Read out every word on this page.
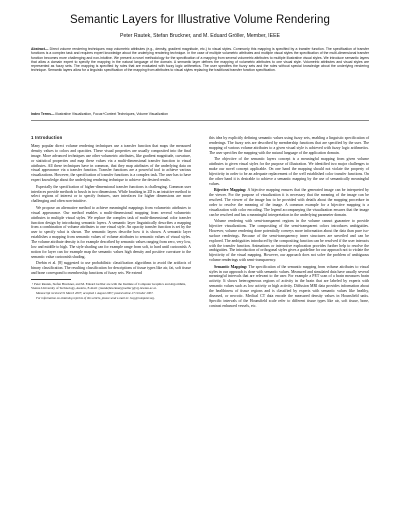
Semantic Layers for Illustrative Volume Rendering
Peter Rautek, Stefan Bruckner, and M. Eduard Gröller, Member, IEEE
Abstract— Direct volume rendering techniques map volumetric attributes (e.g., density, gradient magnitude, etc.) to visual styles. Commonly this mapping is specified by a transfer function. The specification of transfer functions is a complex task and requires expert knowledge about the underlying rendering technique. In the case of multiple volumetric attributes and multiple visual styles the specification of the multi-dimensional transfer function becomes more challenging and non-intuitive. We present a novel methodology for the specification of a mapping from several volumetric attributes to multiple illustrative visual styles. We introduce semantic layers that allow a domain expert to specify the mapping in the natural language of the domain. A semantic layer defines the mapping of volumetric attributes to one visual style. Volumetric attributes and visual styles are represented as fuzzy sets. The mapping is specified by rules that are evaluated with fuzzy logic arithmetics. The user specifies the fuzzy sets and the rules without special knowledge about the underlying rendering technique. Semantic layers allow for a linguistic specification of the mapping from attributes to visual styles replacing the traditional transfer function specification.
Index Terms— Illustrative Visualization, Focus+Context Techniques, Volume Visualization
1 Introduction

Many popular direct volume rendering techniques use a transfer function that maps the measured density values to colors and opacities. These visual properties are usually composited into the final image. More advanced techniques use other volumetric attributes, like gradient magnitude, curvature, or statistical properties and map these values via a multi-dimensional transfer function to visual attributes. All these techniques have in common, that they map attributes of the underlying data on visual appearance via a transfer function. Transfer functions are a powerful tool to achieve various visualizations. However, the specification of transfer functions is a complex task. The user has to have expert knowledge about the underlying rendering technique to achieve the desired results.

Especially the specification of higher-dimensional transfer functions is challenging. Common user interfaces provide methods to brush in two dimensions. While brushing in 2D is an intuitive method to select regions of interest or to specify features, user interfaces for higher dimensions are more challenging and often non-intuitive.

We propose an alternative method to achieve meaningful mappings from volumetric attributes to visual appearance. Our method enables a multi-dimensional mapping from several volumetric attributes to multiple visual styles. We replace the complex task of multi-dimensional color transfer function design by introducing semantic layers. A semantic layer linguistically describes a mapping from a combination of volume attributes to one visual style. An opacity transfer function is set by the user to specify what is shown. The semantic layers describe how it is shown. A semantic layer establishes a mapping from semantic values of volume attributes to semantic values of visual styles. The volume attribute density is for example described by semantic values ranging from zero, very low, low and middle to high. The style shading can for example range from soft, to hard until cartoonish. A notion for layer can for example map the semantic values high density and positive curvature to the semantic value cartoonish shading.

Drebin et al. [8] suggested to use probabilistic classification algorithms to avoid the artifacts of binary classification. The resulting classification for descriptions of tissue types like air, fat, soft tissue and bone correspond to membership functions of fuzzy sets. We extend

• Peter Rautek, Stefan Bruckner, and M. Eduard Gröller are with the Institute of Computer Graphics and Algorithms, Vienna University of Technology, Austria, E-mail: {rautek|bruckner|groeller}@cg.tuwien.ac.at.

Manuscript received 31 March 2007; accepted 1 August 2007; posted online 27 October 2007.

For information on obtaining reprints of this article, please send e-mail to: tvcg@computer.org.

this idea by explicitly defining semantic values using fuzzy sets, enabling a linguistic specification of renderings. The fuzzy sets are described by membership functions that are specified by the user. The mapping of various volume attributes to a given visual style is achieved with fuzzy logic arithmetics. The user specifies the mapping with the natural language of the application domain.

The objective of the semantic layers concept is a meaningful mapping from given volume attributes to given visual styles for the purpose of illustration. We identified two major challenges to make our novel concept applicable. On one hand the mapping should not violate the property of bijectivity in order to be an adequate replacement of the well established color transfer functions. On the other hand it is desirable to achieve a semantic mapping by the use of semantically meaningful values.

Bijective Mapping: A bijective mapping ensures that the generated image can be interpreted by the viewer. For the purpose of visualization it is necessary that the meaning of the image can be resolved. The viewer of the image has to be provided with details about the mapping procedure in order to resolve the meaning of the image. A common example for a bijective mapping is a visualization with color encoding. The legend accompanying the visualization ensures that the image can be resolved and has a meaningful interpretation in the underlying parameter domain.

Volume rendering with semi-transparent regions in the volume cannot guarantee to provide bijective visualizations. The compositing of the semi-transparent colors introduces ambiguities. However, volume rendering done potentially conveys more information about the data than pure iso-surface renderings. Because of the semi-transparency inner structures are unveiled and can be explored. The ambiguities introduced by the compositing function can be resolved if the user interacts with the transfer function. Animations or interactive exploration provides further help to resolve the ambiguities. The introduction of orthogonal styles gives a guideline for our approach not to violate the bijectivity of the visual mapping. However, our approach does not solve the problem of ambiguous volume renderings with semi-transparency.

Semantic Mapping: The specification of the semantic mapping from volume attributes to visual styles in our approach is done with semantic values. Measured and simulated data have usually several meaningful intervals that are relevant to the user. For example a PET scan of a brain measures brain activity. It shows heterogeneous regions of activity in the brain that are labeled by experts with semantic values such as low activity or high activity. Diffusion MRI data provides information about the healthiness of tissue regions and is classified by experts with semantic values like healthy, diseased, or necrotic. Medical CT data encode the measured density values in Hounsfield units. Specific intervals of the Hounsfield scale refer to different tissue types like air, soft tissue, bone, contrast enhanced vessels, etc.
